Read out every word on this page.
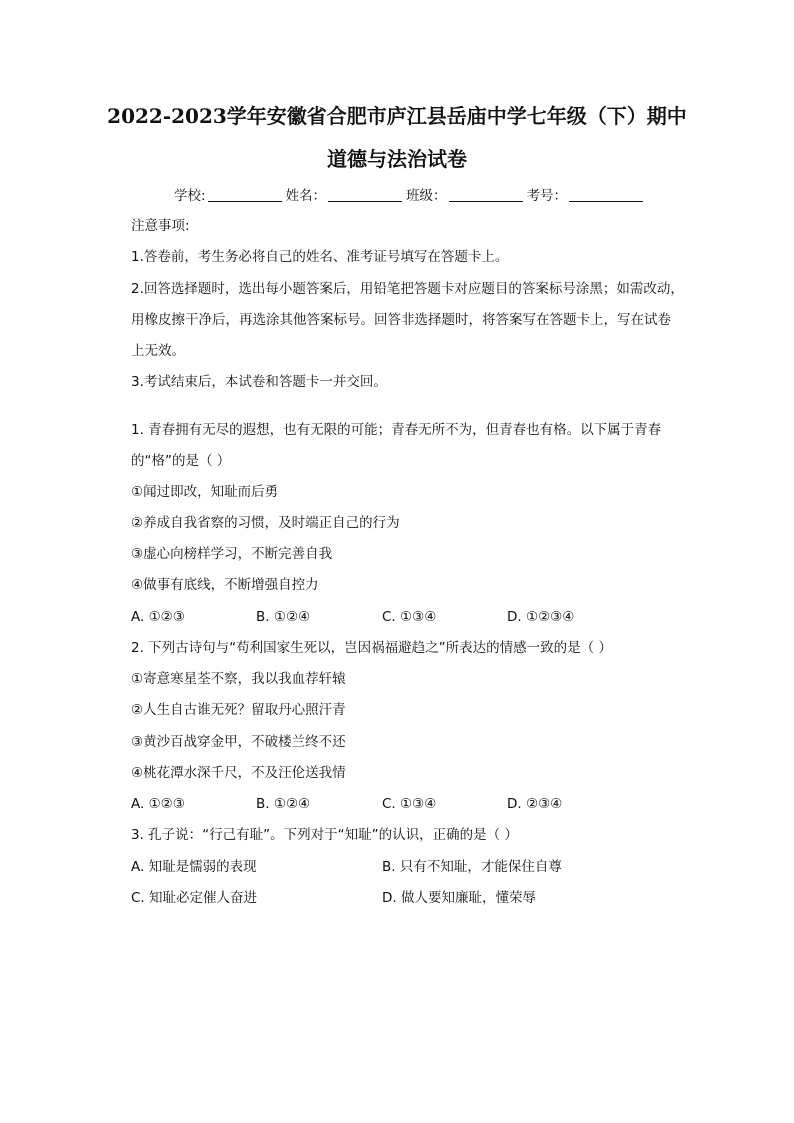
2022-2023学年安徽省合肥市庐江县岳庙中学七年级（下）期中
道德与法治试卷
学校:	姓名：	班级：	考号：
注意事项:
1.答卷前，考生务必将自己的姓名、准考证号填写在答题卡上。
2.回答选择题时，选出每小题答案后，用铅笔把答题卡对应题目的答案标号涂黑；如需改动，
用橡皮擦干净后，再选涂其他答案标号。回答非选择题时，将答案写在答题卡上，写在试卷
上无效。
3.考试结束后，本试卷和答题卡一并交回。
1. 青春拥有无尽的遐想，也有无限的可能；青春无所不为，但青春也有格。以下属于青春
的“格”的是（ ）
①闻过即改，知耻而后勇
②养成自我省察的习惯，及时端正自己的行为
③虚心向榜样学习，不断完善自我
④做事有底线，不断增强自控力
A. ①②③	B. ①②④	C. ①③④	D. ①②③④
2. 下列古诗句与“苟利国家生死以，岂因祸福避趋之”所表达的情感一致的是（ ）
①寄意寒星荃不察，我以我血荐轩辕
②人生自古谁无死？留取丹心照汗青
③黄沙百战穿金甲，不破楼兰终不还
④桃花潭水深千尺，不及汪伦送我情
A. ①②③	B. ①②④	C. ①③④	D. ②③④
3. 孔子说：“行己有耻”。下列对于“知耻”的认识，正确的是（ ）
A. 知耻是懦弱的表现	B. 只有不知耻，才能保住自尊
C. 知耻必定催人奋进	D. 做人要知廉耻，懂荣辱
